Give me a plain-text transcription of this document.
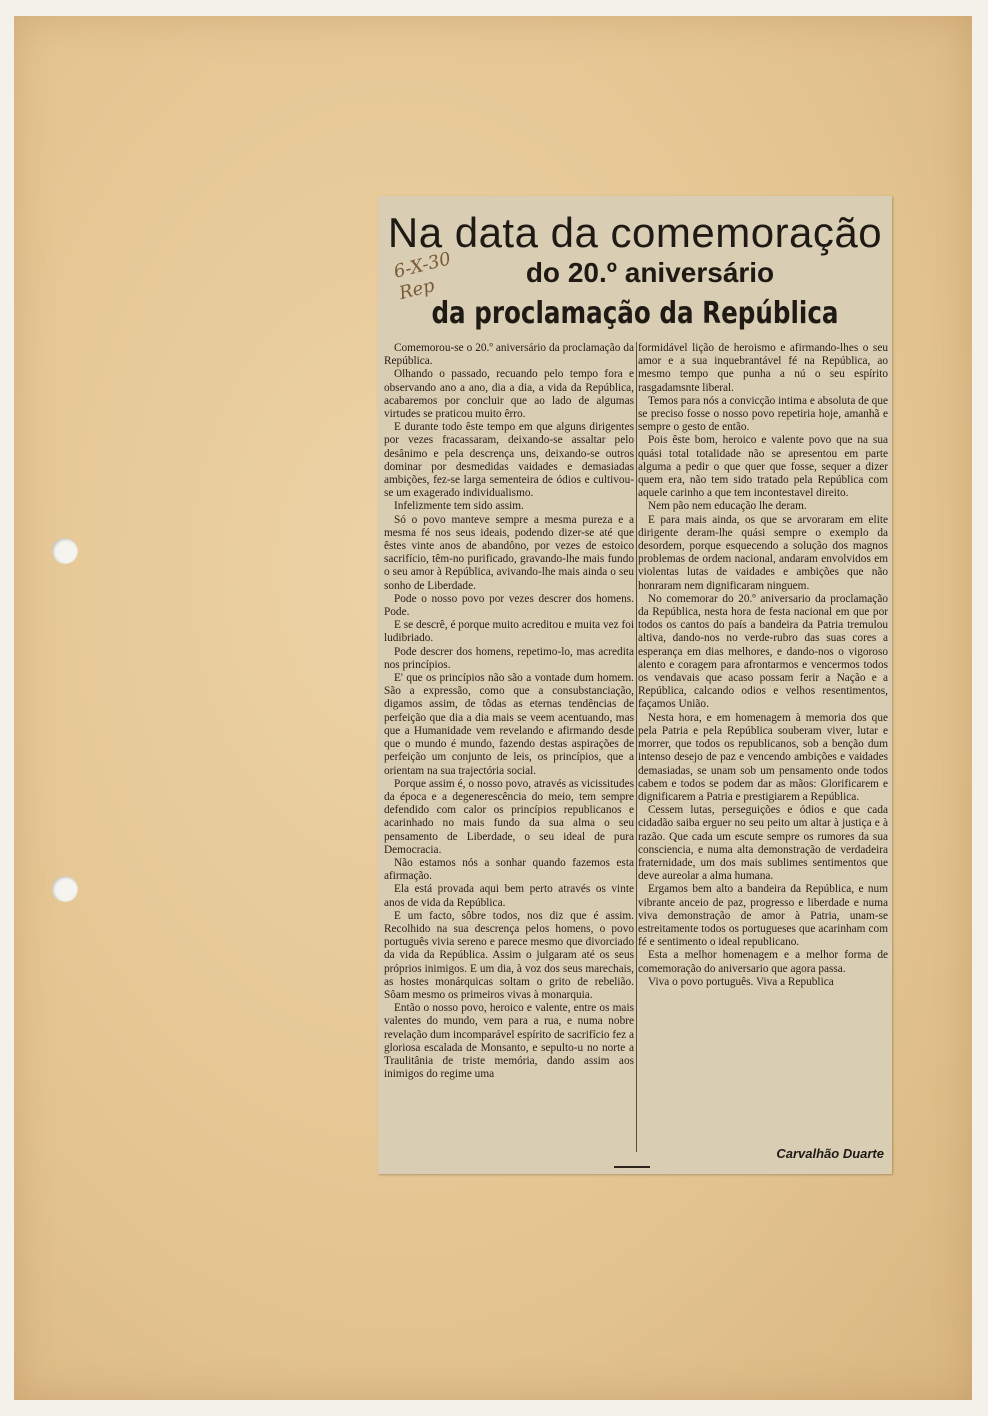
6-X-30 Rep
Na data da comemoração
do 20.º aniversário
da proclamação da República

Comemorou-se o 20.º aniversário da proclamação da República.

Olhando o passado, recuando pelo tempo fora e observando ano a ano, dia a dia, a vida da República, acabaremos por concluir que ao lado de algumas virtudes se praticou muito êrro.

E durante todo êste tempo em que alguns dirigentes por vezes fracassaram, deixando-se assaltar pelo desânimo e pela descrença uns, deixando-se outros dominar por desmedidas vaidades e demasiadas ambições, fez-se larga sementeira de ódios e cultivou-se um exagerado individualismo.

Infelizmente tem sido assim.

Só o povo manteve sempre a mesma pureza e a mesma fé nos seus ideais, podendo dizer-se até que êstes vinte anos de abandôno, por vezes de estoico sacrifício, têm-no purificado, gravando-lhe mais fundo o seu amor à República, avivando-lhe mais ainda o seu sonho de Liberdade.

Pode o nosso povo por vezes descrer dos homens. Pode.

E se descrê, é porque muito acreditou e muita vez foi ludibriado.

Pode descrer dos homens, repetimo-lo, mas acredita nos princípios.

E' que os princípios não são a vontade dum homem. São a expressão, como que a consubstanciação, digamos assim, de tôdas as eternas tendências de perfeição que dia a dia mais se veem acentuando, mas que a Humanidade vem revelando e afirmando desde que o mundo é mundo, fazendo destas aspirações de perfeição um conjunto de leis, os princípios, que a orientam na sua trajectória social.

Porque assim é, o nosso povo, através as vicissitudes da época e a degenerescência do meio, tem sempre defendido com calor os princípios republicanos e acarinhado no mais fundo da sua alma o seu pensamento de Liberdade, o seu ideal de pura Democracia.

Não estamos nós a sonhar quando fazemos esta afirmação.

Ela está provada aqui bem perto através os vinte anos de vida da República.

E um facto, sôbre todos, nos diz que é assim. Recolhido na sua descrença pelos homens, o povo português vivia sereno e parece mesmo que divorciado da vida da República. Assim o julgaram até os seus próprios inimigos. E um dia, à voz dos seus marechais, as hostes monárquicas soltam o grito de rebelião. Sôam mesmo os primeiros vivas à monarquia.

Então o nosso povo, heroico e valente, entre os mais valentes do mundo, vem para a rua, e numa nobre revelação dum incomparável espírito de sacrifício fez a gloriosa escalada de Monsanto, e sepulto-u no norte a Traulitânia de triste memória, dando assim aos inimigos do regime uma

formidável lição de heroismo e afirmando-lhes o seu amor e a sua inquebrantável fé na República, ao mesmo tempo que punha a nú o seu espírito rasgadamsnte liberal.

Temos para nós a convicção intima e absoluta de que se preciso fosse o nosso povo repetiria hoje, amanhã e sempre o gesto de então.

Pois êste bom, heroico e valente povo que na sua quási total totalidade não se apresentou em parte alguma a pedir o que quer que fosse, sequer a dizer quem era, não tem sido tratado pela República com aquele carinho a que tem incontestavel direito.

Nem pão nem educação lhe deram.

E para mais ainda, os que se arvoraram em elite dirigente deram-lhe quási sempre o exemplo da desordem, porque esquecendo a solução dos magnos problemas de ordem nacional, andaram envolvidos em violentas lutas de vaidades e ambições que não honraram nem dignificaram ninguem.

No comemorar do 20.º aniversario da proclamação da República, nesta hora de festa nacional em que por todos os cantos do país a bandeira da Patria tremulou altiva, dando-nos no verde-rubro das suas cores a esperança em dias melhores, e dando-nos o vigoroso alento e coragem para afrontarmos e vencermos todos os vendavais que acaso possam ferir a Nação e a República, calcando odios e velhos resentimentos, façamos União.

Nesta hora, e em homenagem à memoria dos que pela Patria e pela República souberam viver, lutar e morrer, que todos os republicanos, sob a benção dum intenso desejo de paz e vencendo ambições e vaidades demasiadas, se unam sob um pensamento onde todos cabem e todos se podem dar as mãos: Glorificarem e dignificarem a Patria e prestigiarem a República.

Cessem lutas, perseguições e ódios e que cada cidadão saiba erguer no seu peito um altar à justiça e à razão. Que cada um escute sempre os rumores da sua consciencia, e numa alta demonstração de verdadeira fraternidade, um dos mais sublimes sentimentos que deve aureolar a alma humana.

Ergamos bem alto a bandeira da República, e num vibrante anceio de paz, progresso e liberdade e numa viva demonstração de amor à Patria, unam-se estreitamente todos os portugueses que acarinham com fé e sentimento o ideal republicano.

Esta a melhor homenagem e a melhor forma de comemoração do aniversario que agora passa.

Viva o povo português. Viva a Republica

Carvalhão Duarte
